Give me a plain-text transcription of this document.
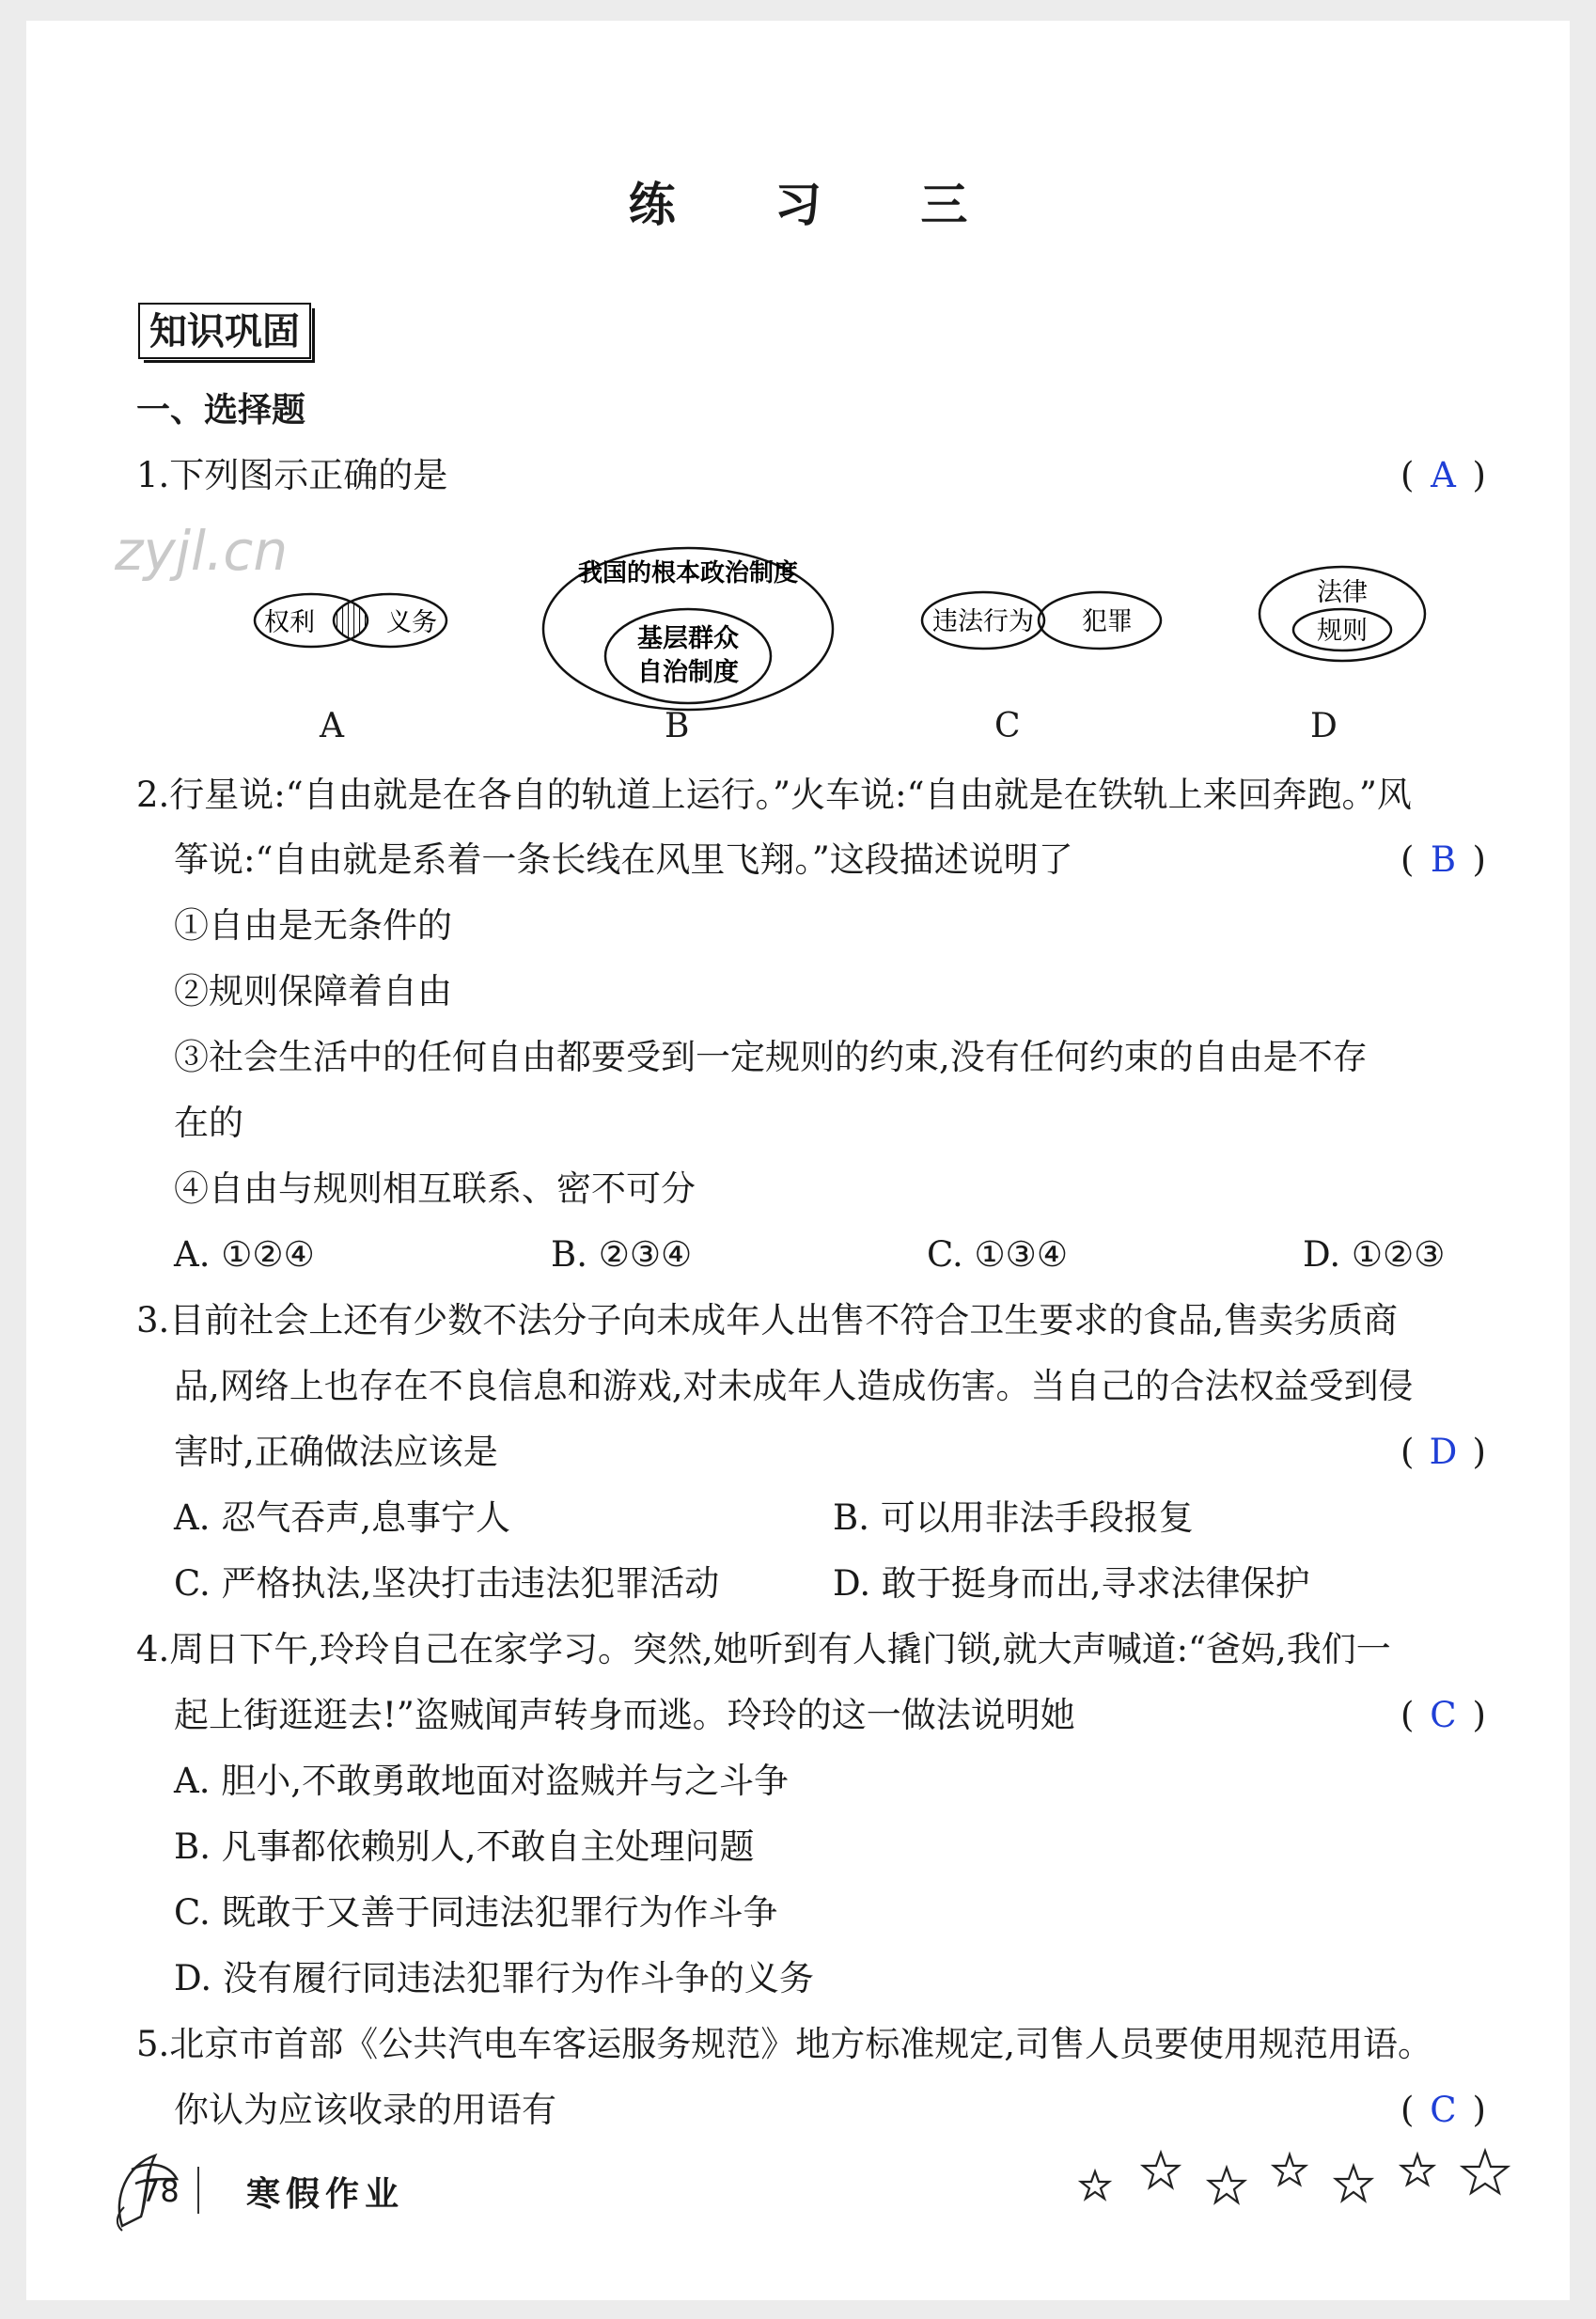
zyjl.cn
练 习 三
知识巩固
一、选择题
1.下列图示正确的是	( A )
权利	义务
A
我国的根本政治制度
基层群众
自治制度
B
违法行为 犯罪
C
法律
规则
D
2.行星说:“自由就是在各自的轨道上运行。”火车说:“自由就是在铁轨上来回奔跑。”风
筝说:“自由就是系着一条长线在风里飞翔。”这段描述说明了	( B )
①自由是无条件的
②规则保障着自由
③社会生活中的任何自由都要受到一定规则的约束,没有任何约束的自由是不存
在的
④自由与规则相互联系、密不可分
A. ①②④	B. ②③④	C. ①③④	D. ①②③
3.目前社会上还有少数不法分子向未成年人出售不符合卫生要求的食品,售卖劣质商
品,网络上也存在不良信息和游戏,对未成年人造成伤害。当自己的合法权益受到侵
害时,正确做法应该是	( D )
A. 忍气吞声,息事宁人	B. 可以用非法手段报复
C. 严格执法,坚决打击违法犯罪活动	D. 敢于挺身而出,寻求法律保护
4.周日下午,玲玲自己在家学习。突然,她听到有人撬门锁,就大声喊道:“爸妈,我们一
起上街逛逛去!”盗贼闻声转身而逃。玲玲的这一做法说明她	( C )
A. 胆小,不敢勇敢地面对盗贼并与之斗争
B. 凡事都依赖别人,不敢自主处理问题
C. 既敢于又善于同违法犯罪行为作斗争
D. 没有履行同违法犯罪行为作斗争的义务
5.北京市首部《公共汽电车客运服务规范》地方标准规定,司售人员要使用规范用语。
你认为应该收录的用语有	( C )
78 寒假作业
